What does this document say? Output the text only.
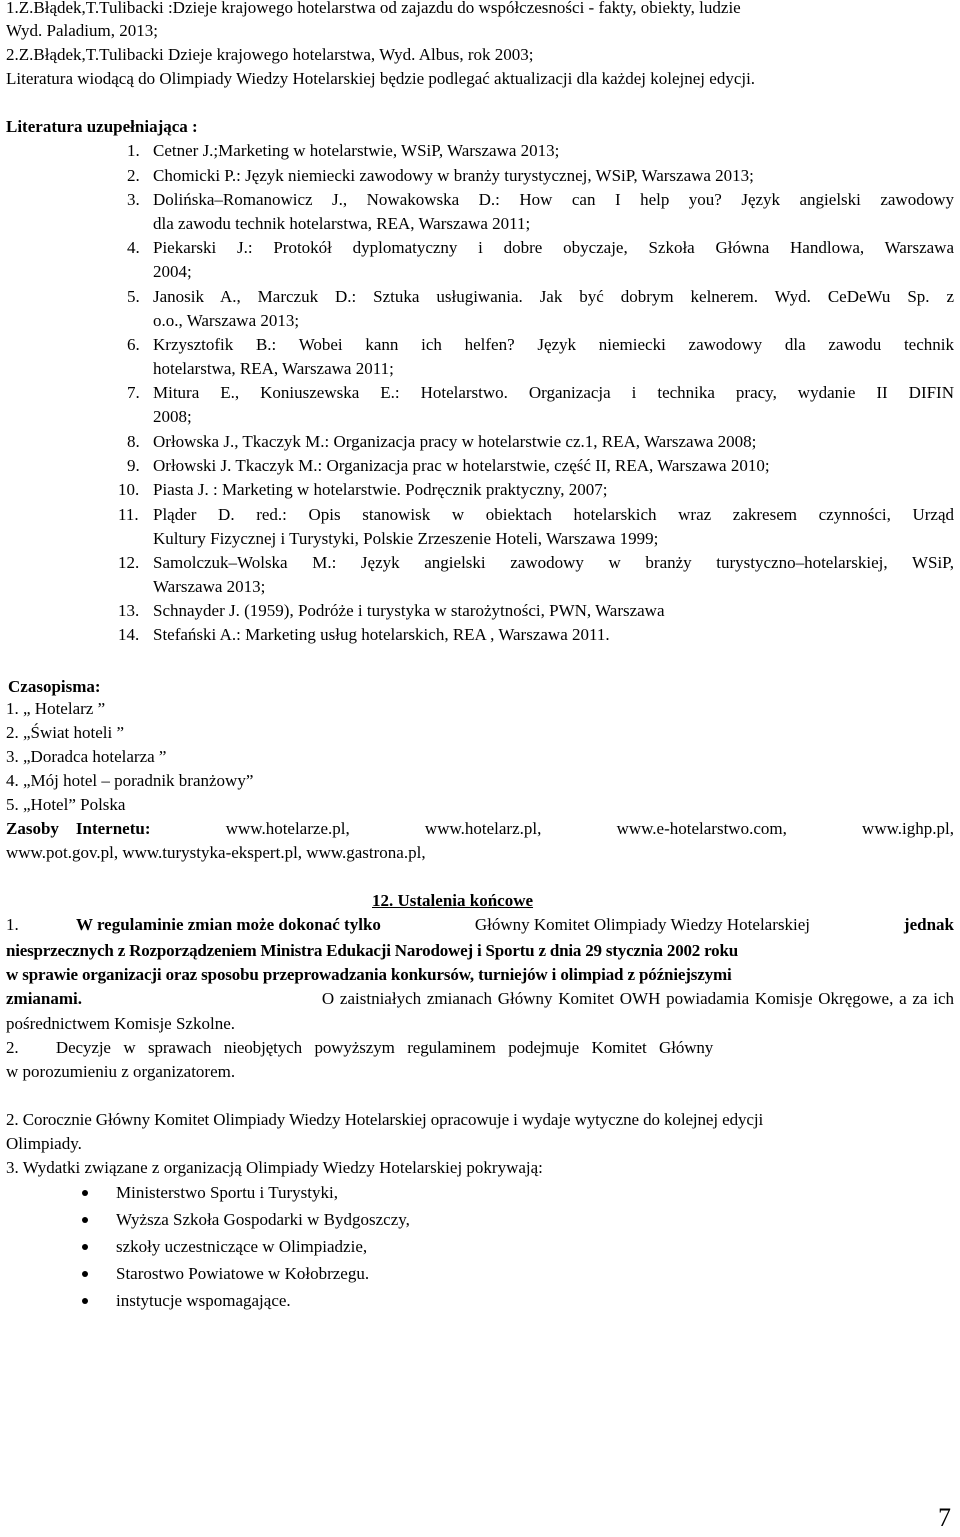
1.Z.Błądek,T.Tulibacki :Dzieje krajowego hotelarstwa od zajazdu do współczesności - fakty, obiekty, ludzie
Wyd. Paladium, 2013;
2.Z.Błądek,T.Tulibacki Dzieje krajowego hotelarstwa, Wyd. Albus, rok 2003;
Literatura wiodącą do Olimpiady Wiedzy Hotelarskiej będzie podlegać aktualizacji dla każdej kolejnej edycji.
Literatura uzupełniająca :
1. Cetner J.;Marketing w hotelarstwie, WSiP, Warszawa 2013;
2. Chomicki P.: Język niemiecki zawodowy w branży turystycznej, WSiP, Warszawa 2013;
3. Dolińska–Romanowicz J., Nowakowska D.: How can I help you? Język angielski zawodowy
dla zawodu technik hotelarstwa, REA, Warszawa 2011;
4. Piekarski J.: Protokół dyplomatyczny i dobre obyczaje, Szkoła Główna Handlowa, Warszawa
2004;
5. Janosik A., Marczuk D.: Sztuka usługiwania. Jak być dobrym kelnerem. Wyd. CeDeWu Sp. z
o.o., Warszawa 2013;
6. Krzysztofik B.: Wobei kann ich helfen? Język niemiecki zawodowy dla zawodu technik
hotelarstwa, REA, Warszawa 2011;
7. Mitura E., Koniuszewska E.: Hotelarstwo. Organizacja i technika pracy, wydanie II DIFIN
2008;
8. Orłowska J., Tkaczyk M.: Organizacja pracy w hotelarstwie cz.1, REA, Warszawa 2008;
9. Orłowski J. Tkaczyk M.: Organizacja prac w hotelarstwie, część II, REA, Warszawa 2010;
10. Piasta J. : Marketing w hotelarstwie. Podręcznik praktyczny, 2007;
11. Pląder D. red.: Opis stanowisk w obiektach hotelarskich wraz zakresem czynności, Urząd
Kultury Fizycznej i Turystyki, Polskie Zrzeszenie Hoteli, Warszawa 1999;
12. Samolczuk–Wolska M.: Język angielski zawodowy w branży turystyczno–hotelarskiej, WSiP,
Warszawa 2013;
13. Schnayder J. (1959), Podróże i turystyka w starożytności, PWN, Warszawa
14. Stefański A.: Marketing usług hotelarskich, REA , Warszawa 2011.
Czasopisma:
1. „ Hotelarz ”
2. „Świat hoteli ”
3. „Doradca hotelarza ”
4. „Mój hotel – poradnik branżowy”
5. „Hotel” Polska
Zasoby    Internetu:	www.hotelarze.pl,	www.hotelarz.pl,	www.e-hotelarstwo.com,	www.ighp.pl,
www.pot.gov.pl, www.turystyka-ekspert.pl, www.gastrona.pl,
12. Ustalenia końcowe
1.	W regulaminie zmian może dokonać tylko	Główny Komitet Olimpiady Wiedzy Hotelarskiej	jednak
niesprzecznych z Rozporządzeniem Ministra Edukacji Narodowej i Sportu z dnia 29 stycznia 2002 roku
w sprawie organizacji oraz sposobu przeprowadzania konkursów, turniejów i olimpiad z późniejszymi
zmianami.	O zaistniałych zmianach Główny Komitet OWH powiadamia Komisje Okręgowe, a za ich
pośrednictwem Komisje Szkolne.
2.         Decyzje   w   sprawach   nieobjętych   powyższym   regulaminem   podejmuje   Komitet   Główny
w porozumieniu z organizatorem.
2. Corocznie Główny Komitet Olimpiady Wiedzy Hotelarskiej opracowuje i wydaje wytyczne do kolejnej edycji
Olimpiady.
3. Wydatki związane z organizacją Olimpiady Wiedzy Hotelarskiej pokrywają:
Ministerstwo Sportu i Turystyki,
Wyższa Szkoła Gospodarki w Bydgoszczy,
szkoły uczestniczące w Olimpiadzie,
Starostwo Powiatowe w Kołobrzegu.
instytucje wspomagające.
7
